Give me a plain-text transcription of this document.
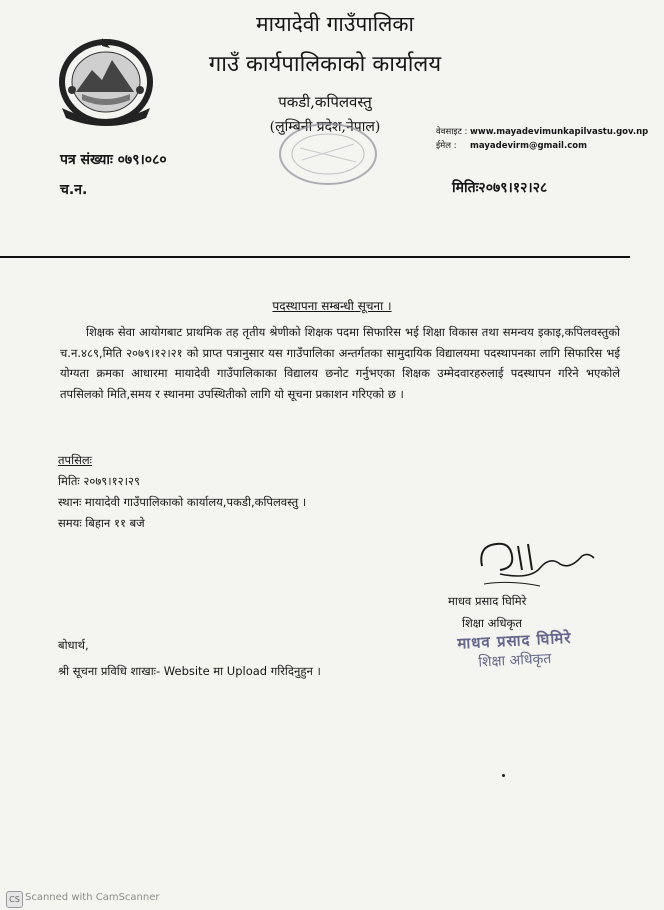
मायादेवी गाउँपालिका
गाउँ कार्यपालिकाको कार्यालय
पकडी,कपिलवस्तु
(लुम्बिनी प्रदेश,नेपाल)	वेवसाइट : www.mayadevimunkapilvastu.gov.np
ईमेल : mayadevirm@gmail.com
पत्र संख्याः ०७९।०८०
च.न.	मितिः२०७९।१२।२८
पदस्थापना सम्बन्धी सूचना ।
शिक्षक सेवा आयोगबाट प्राथमिक तह तृतीय श्रेणीको शिक्षक पदमा सिफारिस भई शिक्षा विकास तथा समन्वय इकाइ,कपिलवस्तुको च.न.४८९,मिति २०७९।१२।२१ को प्राप्त पत्रानुसार यस गाउँपालिका अन्तर्गतका सामुदायिक विद्यालयमा पदस्थापनका लागि सिफारिस भई योग्यता क्रमका आधारमा मायादेवी गाउँपालिकाका विद्यालय छनोट गर्नुभएका शिक्षक उम्मेदवारहरुलाई पदस्थापन गरिने भएकोले तपसिलको मिति,समय र स्थानमा उपस्थितीको लागि यो सूचना प्रकाशन गरिएको छ ।
तपसिलः
मितिः २०७९।१२।२९
स्थानः मायादेवी गाउँपालिकाको कार्यालय,पकडी,कपिलवस्तु ।
समयः बिहान ११ बजे
माधव प्रसाद घिमिरे
शिक्षा अधिकृत
माधव प्रसाद घिमिरे
शिक्षा अधिकृत
बोधार्थ,
श्री सूचना प्रविधि शाखाः- Website मा Upload गरिदिनुहुन ।
CS Scanned with CamScanner
